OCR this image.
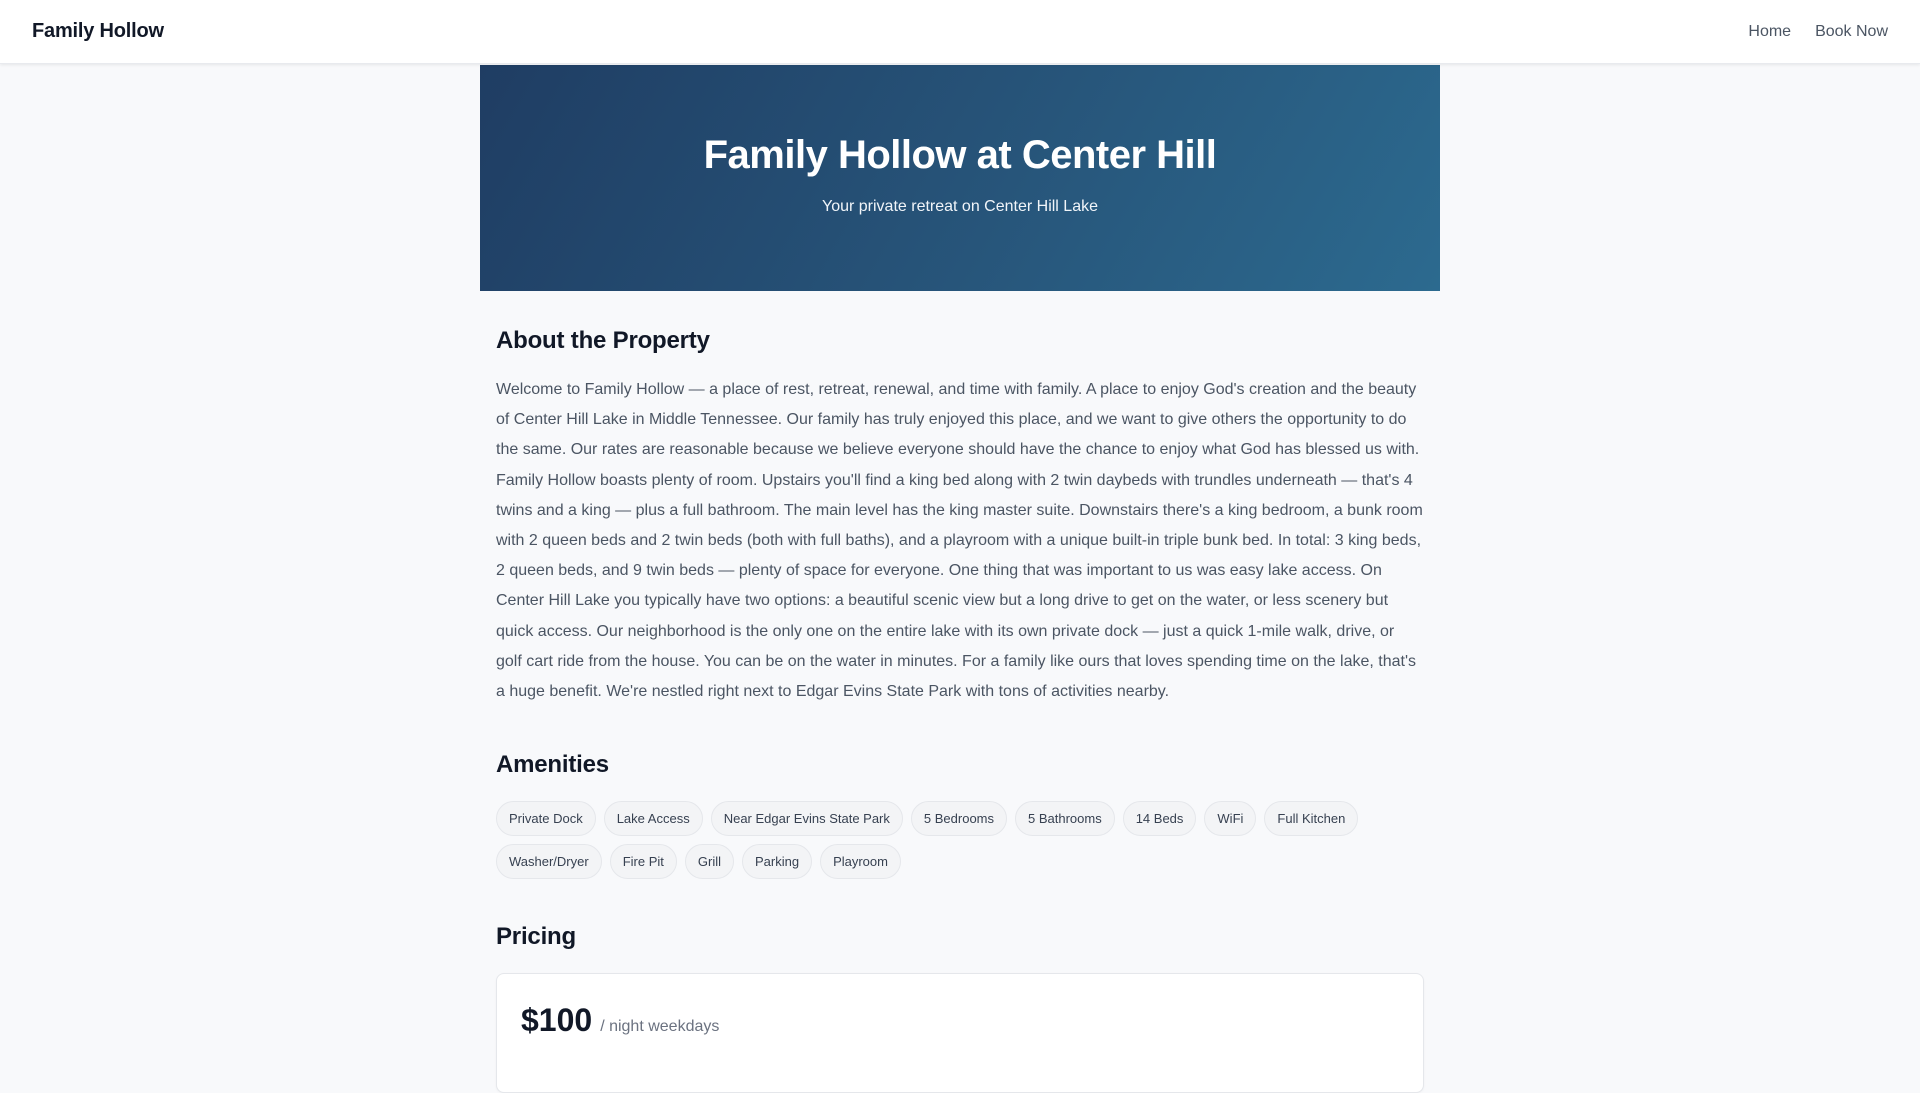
Family Hollow	Home Book Now
Family Hollow at Center Hill

Your private retreat on Center Hill Lake

About the Property

Welcome to Family Hollow — a place of rest, retreat, renewal, and time with family. A place to enjoy God's creation and the beauty of Center Hill Lake in Middle Tennessee. Our family has truly enjoyed this place, and we want to give others the opportunity to do the same. Our rates are reasonable because we believe everyone should have the chance to enjoy what God has blessed us with. Family Hollow boasts plenty of room. Upstairs you'll find a king bed along with 2 twin daybeds with trundles underneath — that's 4 twins and a king — plus a full bathroom. The main level has the king master suite. Downstairs there's a king bedroom, a bunk room with 2 queen beds and 2 twin beds (both with full baths), and a playroom with a unique built-in triple bunk bed. In total: 3 king beds, 2 queen beds, and 9 twin beds — plenty of space for everyone. One thing that was important to us was easy lake access. On Center Hill Lake you typically have two options: a beautiful scenic view but a long drive to get on the water, or less scenery but quick access. Our neighborhood is the only one on the entire lake with its own private dock — just a quick 1-mile walk, drive, or golf cart ride from the house. You can be on the water in minutes. For a family like ours that loves spending time on the lake, that's a huge benefit. We're nestled right next to Edgar Evins State Park with tons of activities nearby.

Amenities
Private Dock	Lake Access	Near Edgar Evins State Park	5 Bedrooms	5 Bathrooms	14 Beds	WiFi	Full Kitchen
Washer/Dryer	Fire Pit	Grill	Parking	Playroom
Pricing
$100 / night weekdays
